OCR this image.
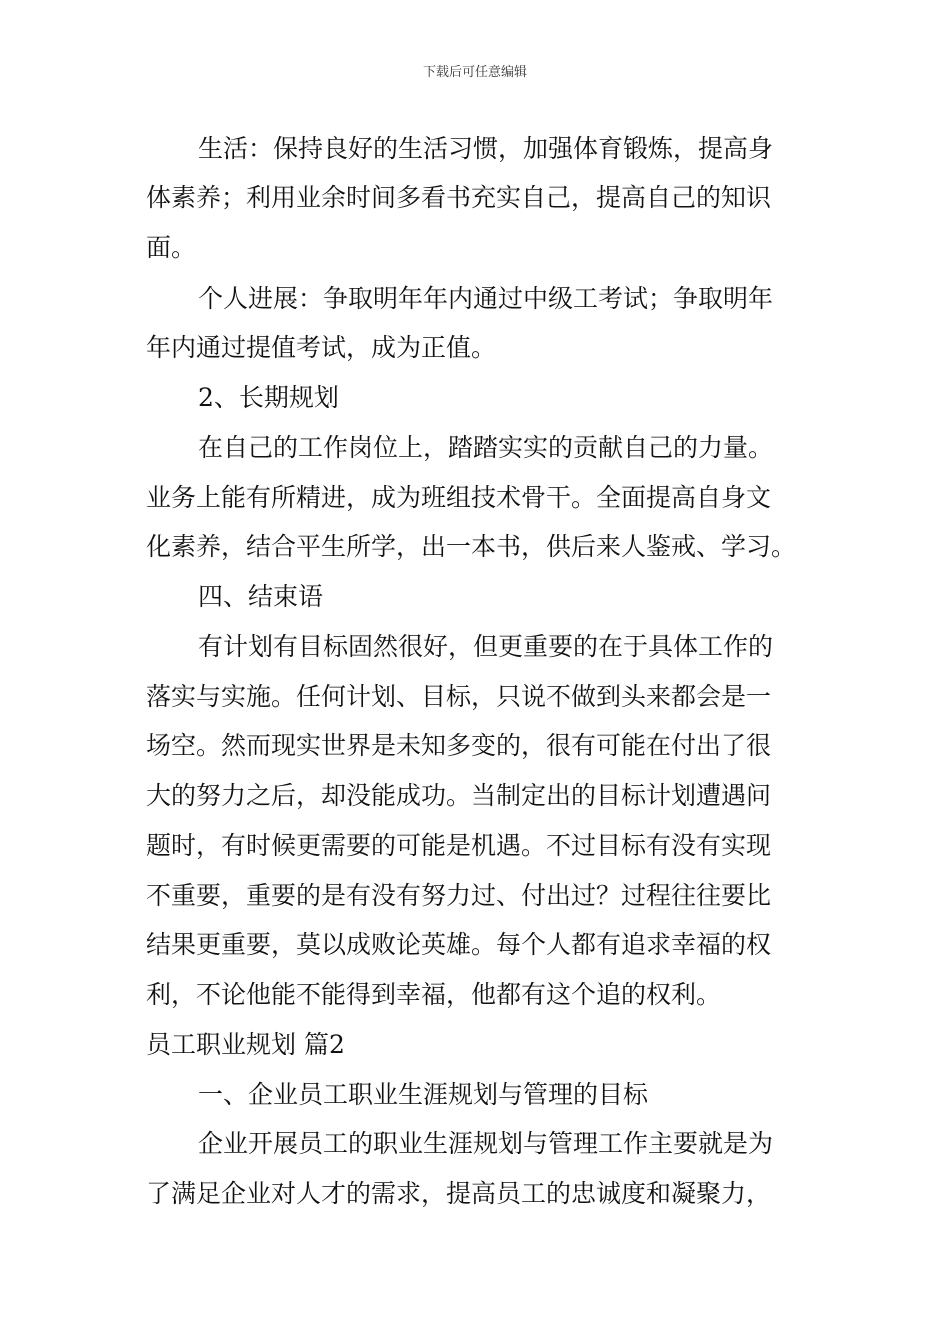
下载后可任意编辑
生活：保持良好的生活习惯，加强体育锻炼，提高身
体素养；利用业余时间多看书充实自己，提高自己的知识
面。
个人进展：争取明年年内通过中级工考试；争取明年
年内通过提值考试，成为正值。
2、长期规划
在自己的工作岗位上，踏踏实实的贡献自己的力量。
业务上能有所精进，成为班组技术骨干。全面提高自身文
化素养，结合平生所学，出一本书，供后来人鉴戒、学习。
四、结束语
有计划有目标固然很好，但更重要的在于具体工作的
落实与实施。任何计划、目标，只说不做到头来都会是一
场空。然而现实世界是未知多变的，很有可能在付出了很
大的努力之后，却没能成功。当制定出的目标计划遭遇问
题时，有时候更需要的可能是机遇。不过目标有没有实现
不重要，重要的是有没有努力过、付出过？过程往往要比
结果更重要，莫以成败论英雄。每个人都有追求幸福的权
利，不论他能不能得到幸福，他都有这个追的权利。
员工职业规划 篇2
一、企业员工职业生涯规划与管理的目标
企业开展员工的职业生涯规划与管理工作主要就是为
了满足企业对人才的需求，提高员工的忠诚度和凝聚力，
